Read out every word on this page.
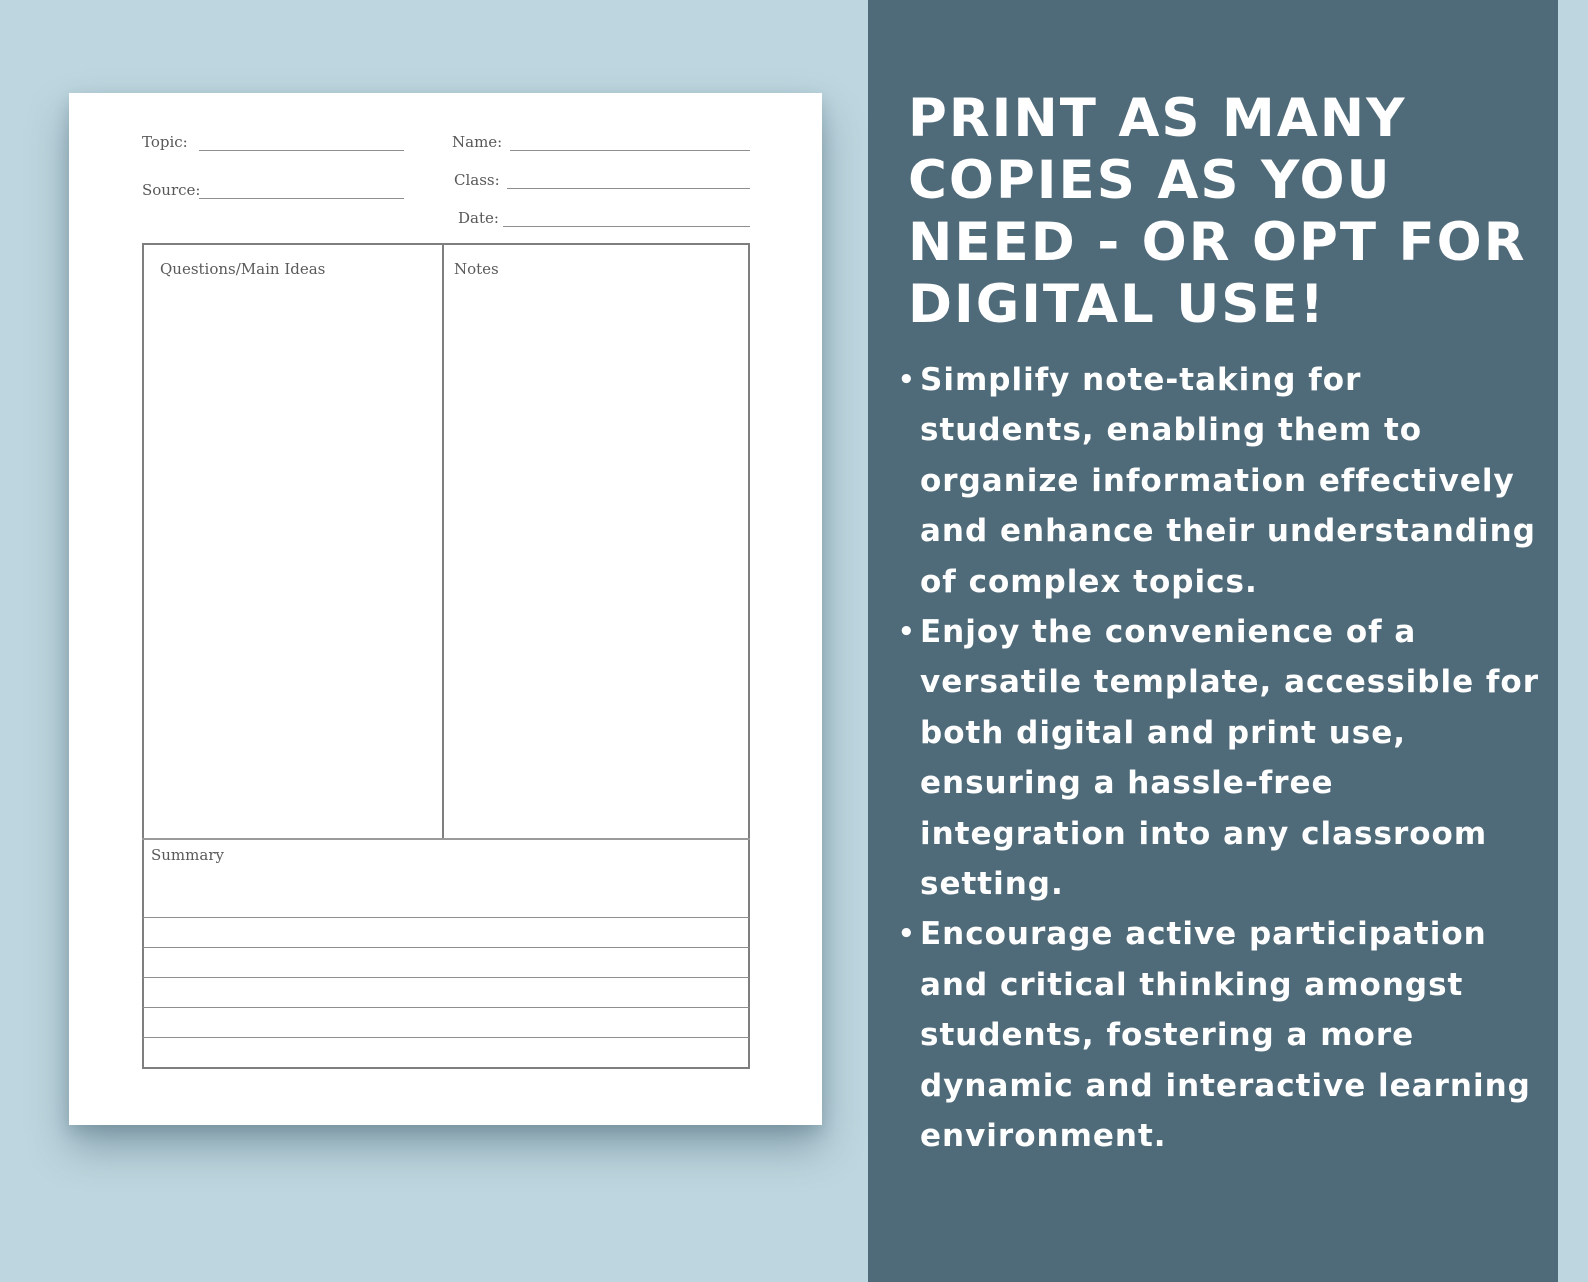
Topic:
Source:
Name:
Class:
Date:
Questions/Main Ideas	Notes
Summary
PRINT AS MANY COPIES AS YOU NEED - OR OPT FOR DIGITAL USE!
• Simplify note-taking for students, enabling them to organize information effectively and enhance their understanding of complex topics.
• Enjoy the convenience of a versatile template, accessible for both digital and print use, ensuring a hassle-free integration into any classroom setting.
• Encourage active participation and critical thinking amongst students, fostering a more dynamic and interactive learning environment.
